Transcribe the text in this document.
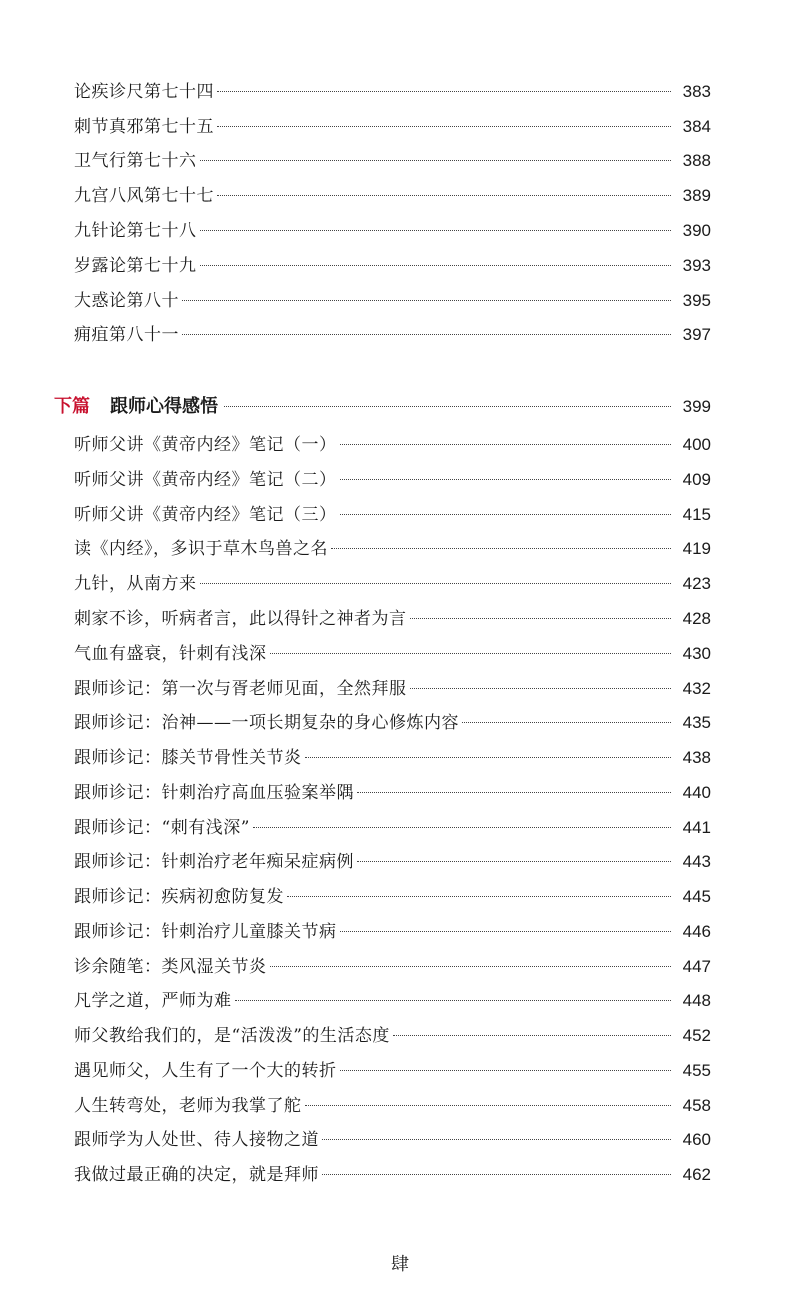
论疾诊尺第七十四	383
刺节真邪第七十五	384
卫气行第七十六	388
九宫八风第七十七	389
九针论第七十八	390
岁露论第七十九	393
大惑论第八十	395
痈疽第八十一	397
下篇 跟师心得感悟	399
听师父讲《黄帝内经》笔记（一）	400
听师父讲《黄帝内经》笔记（二）	409
听师父讲《黄帝内经》笔记（三）	415
读《内经》，多识于草木鸟兽之名	419
九针，从南方来	423
刺家不诊，听病者言，此以得针之神者为言	428
气血有盛衰，针刺有浅深	430
跟师诊记：第一次与胥老师见面，全然拜服	432
跟师诊记：治神——一项长期复杂的身心修炼内容	435
跟师诊记：膝关节骨性关节炎	438
跟师诊记：针刺治疗高血压验案举隅	440
跟师诊记：“刺有浅深”	441
跟师诊记：针刺治疗老年痴呆症病例	443
跟师诊记：疾病初愈防复发	445
跟师诊记：针刺治疗儿童膝关节病	446
诊余随笔：类风湿关节炎	447
凡学之道，严师为难	448
师父教给我们的，是“活泼泼”的生活态度	452
遇见师父，人生有了一个大的转折	455
人生转弯处，老师为我掌了舵	458
跟师学为人处世、待人接物之道	460
我做过最正确的决定，就是拜师	462
肆
